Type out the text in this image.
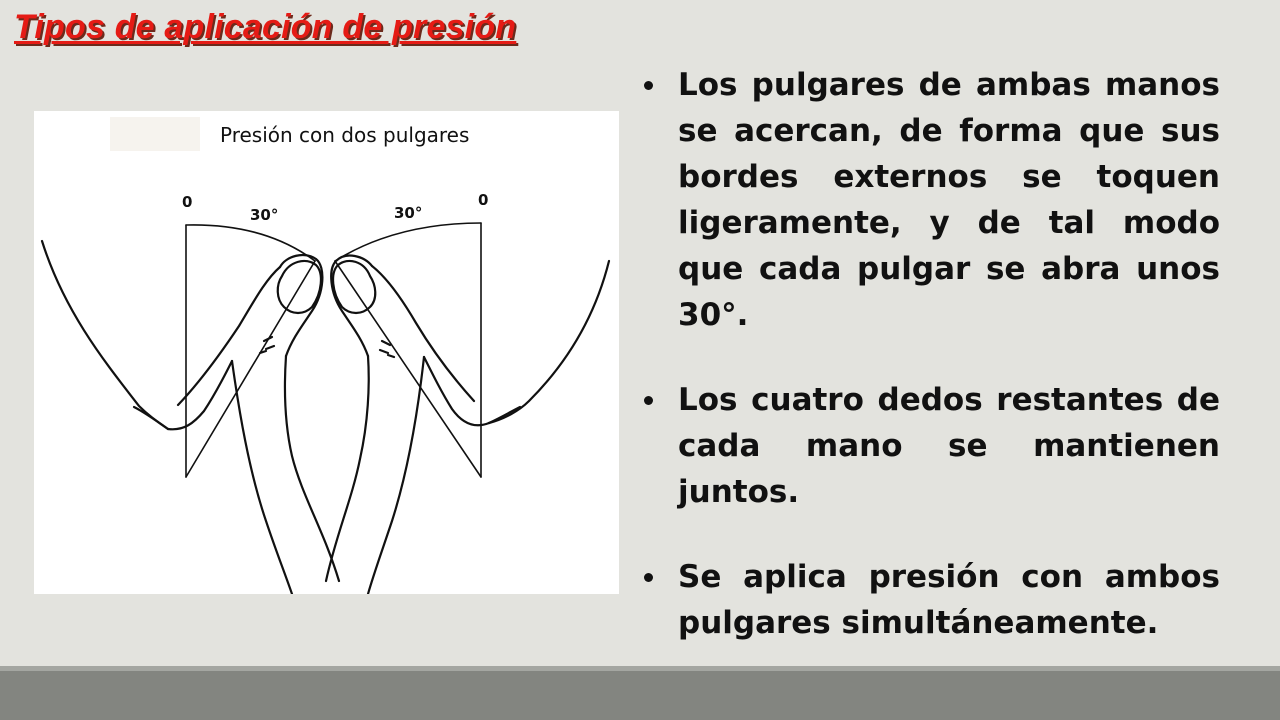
Tipos de aplicación de presión
Presión con dos pulgares
0
30°	30°
0
Los pulgares de ambas manos se acercan, de forma que sus bordes externos se toquen ligeramente, y de tal modo que cada pulgar se abra unos 30°.
Los cuatro dedos restantes de cada mano se mantienen juntos.
Se aplica presión con ambos pulgares simultáneamente.
